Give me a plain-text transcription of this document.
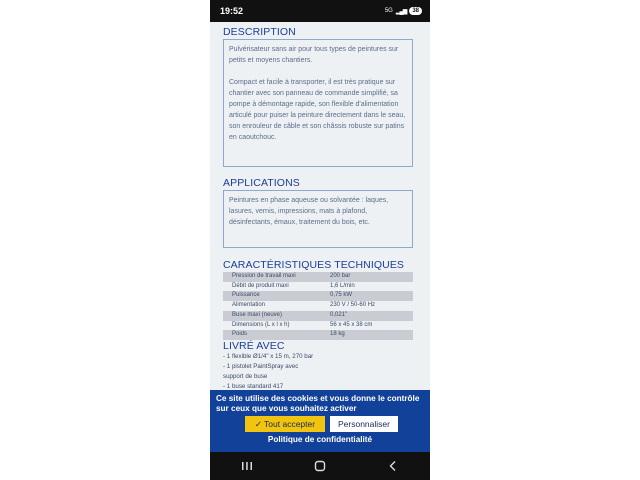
19:52	5G ▂▄▆	38
DESCRIPTION

Pulvérisateur sans air pour tous types de peintures sur petits et moyens chantiers.

Compact et facile à transporter, il est très pratique sur chantier avec son panneau de commande simplifié, sa pompe à démontage rapide, son flexible d'alimentation articulé pour puiser la peinture directement dans le seau, son enrouleur de câble et son châssis robuste sur patins en caoutchouc.

APPLICATIONS

Peintures en phase aqueuse ou solvantée : laques, lasures, vernis, impressions, mats à plafond, désinfectants, émaux, traitement du bois, etc.

CARACTÉRISTIQUES TECHNIQUES
Pression de travail maxi	200 bar
Débit de produit maxi	1,6 L/min
Puissance	0,75 kW
Alimentation	230 V / 50-60 Hz
Buse maxi (neuve)	0,021"
Dimensions (L x l x h)	56 x 45 x 38 cm
Poids	18 kg
LIVRÉ AVEC
- 1 flexible Ø1/4" x 15 m, 270 bar
- 1 pistolet PaintSpray avec
support de buse
- 1 buse standard 417
Ce site utilise des cookies et vous donne le contrôle sur ceux que vous souhaitez activer
✓ Tout accepter	Personnaliser
Politique de confidentialité
